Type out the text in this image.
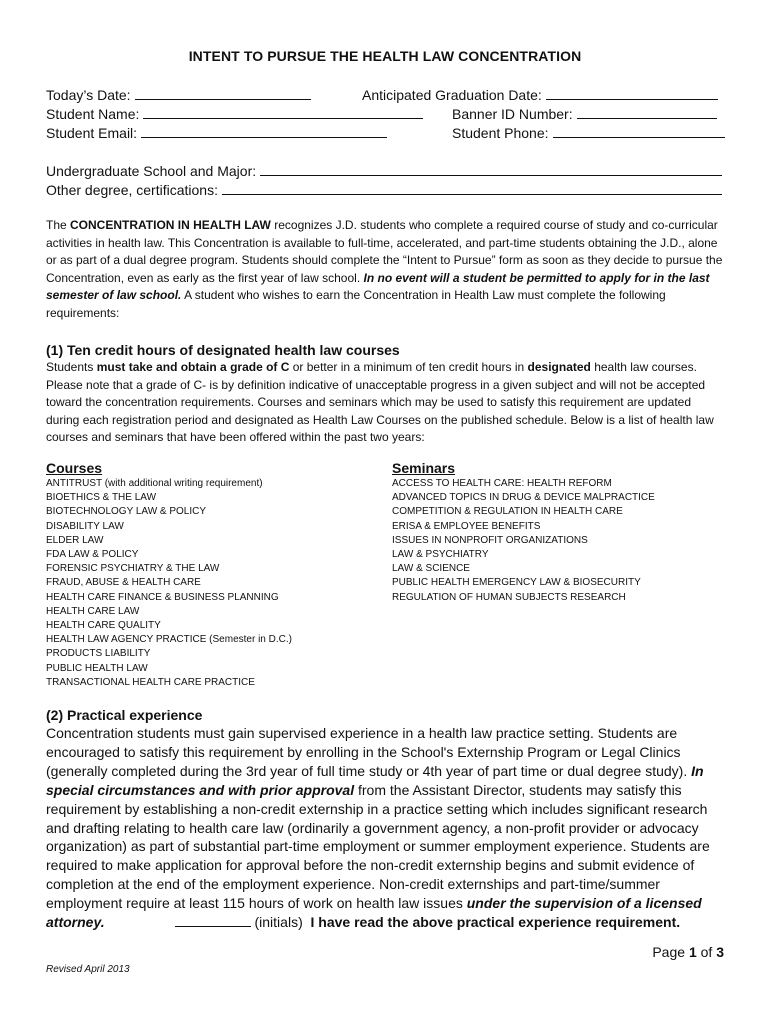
INTENT TO PURSUE THE HEALTH LAW CONCENTRATION
Today’s Date:	Anticipated Graduation Date:
Student Name:	Banner ID Number:
Student Email:	Student Phone:
Undergraduate School and Major:
Other degree, certifications:
The CONCENTRATION IN HEALTH LAW recognizes J.D. students who complete a required course of study and co-curricular activities in health law. This Concentration is available to full-time, accelerated, and part-time students obtaining the J.D., alone or as part of a dual degree program. Students should complete the “Intent to Pursue” form as soon as they decide to pursue the Concentration, even as early as the first year of law school. In no event will a student be permitted to apply for in the last semester of law school. A student who wishes to earn the Concentration in Health Law must complete the following requirements:
(1) Ten credit hours of designated health law courses
Students must take and obtain a grade of C or better in a minimum of ten credit hours in designated health law courses. Please note that a grade of C- is by definition indicative of unacceptable progress in a given subject and will not be accepted toward the concentration requirements. Courses and seminars which may be used to satisfy this requirement are updated during each registration period and designated as Health Law Courses on the published schedule. Below is a list of health law courses and seminars that have been offered within the past two years:
Courses
ANTITRUST (with additional writing requirement)
BIOETHICS & THE LAW
BIOTECHNOLOGY LAW & POLICY
DISABILITY LAW
ELDER LAW
FDA LAW & POLICY
FORENSIC PSYCHIATRY & THE LAW
FRAUD, ABUSE & HEALTH CARE
HEALTH CARE FINANCE & BUSINESS PLANNING
HEALTH CARE LAW
HEALTH CARE QUALITY
HEALTH LAW AGENCY PRACTICE (Semester in D.C.)
PRODUCTS LIABILITY
PUBLIC HEALTH LAW
TRANSACTIONAL HEALTH CARE PRACTICE
Seminars
ACCESS TO HEALTH CARE: HEALTH REFORM
ADVANCED TOPICS IN DRUG & DEVICE MALPRACTICE
COMPETITION & REGULATION IN HEALTH CARE
ERISA & EMPLOYEE BENEFITS
ISSUES IN NONPROFIT ORGANIZATIONS
LAW & PSYCHIATRY
LAW & SCIENCE
PUBLIC HEALTH EMERGENCY LAW & BIOSECURITY
REGULATION OF HUMAN SUBJECTS RESEARCH
(2) Practical experience
Concentration students must gain supervised experience in a health law practice setting. Students are encouraged to satisfy this requirement by enrolling in the School's Externship Program or Legal Clinics (generally completed during the 3rd year of full time study or 4th year of part time or dual degree study). In special circumstances and with prior approval from the Assistant Director, students may satisfy this requirement by establishing a non-credit externship in a practice setting which includes significant research and drafting relating to health care law (ordinarily a government agency, a non-profit provider or advocacy organization) as part of substantial part-time employment or summer employment experience. Students are required to make application for approval before the non-credit externship begins and submit evidence of completion at the end of the employment experience. Non-credit externships and part-time/summer employment require at least 115 hours of work on health law issues under the supervision of a licensed attorney.	(initials) I have read the above practical experience requirement.
Page 1 of 3
Revised April 2013
